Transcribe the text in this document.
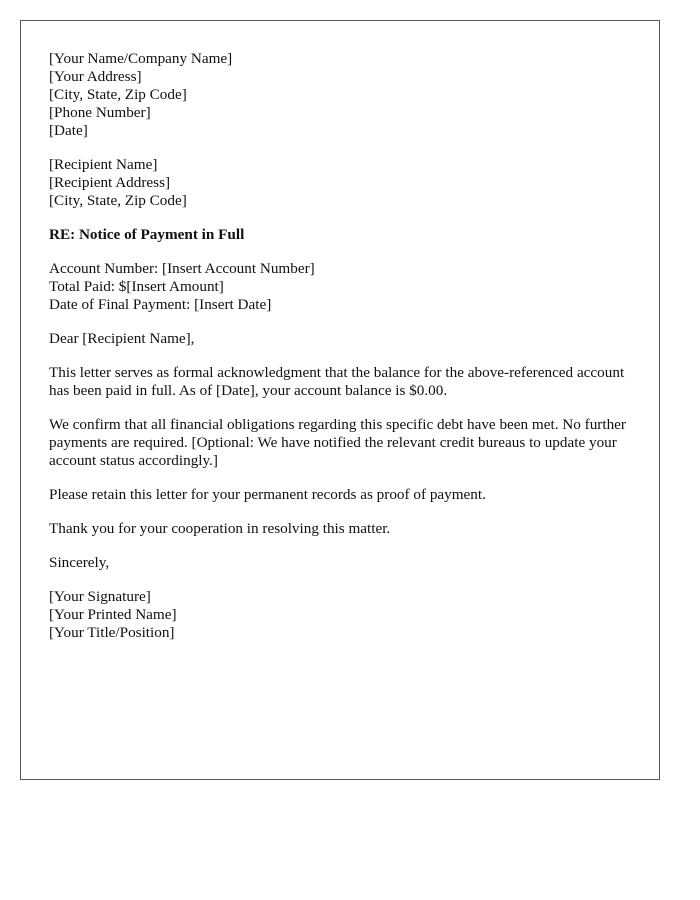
[Your Name/Company Name]
[Your Address]
[City, State, Zip Code]
[Phone Number]
[Date]
[Recipient Name]
[Recipient Address]
[City, State, Zip Code]
RE: Notice of Payment in Full
Account Number: [Insert Account Number]
Total Paid: $[Insert Amount]
Date of Final Payment: [Insert Date]
Dear [Recipient Name],
This letter serves as formal acknowledgment that the balance for the above-referenced account has been paid in full. As of [Date], your account balance is $0.00.
We confirm that all financial obligations regarding this specific debt have been met. No further payments are required. [Optional: We have notified the relevant credit bureaus to update your account status accordingly.]
Please retain this letter for your permanent records as proof of payment.
Thank you for your cooperation in resolving this matter.
Sincerely,
[Your Signature]
[Your Printed Name]
[Your Title/Position]
